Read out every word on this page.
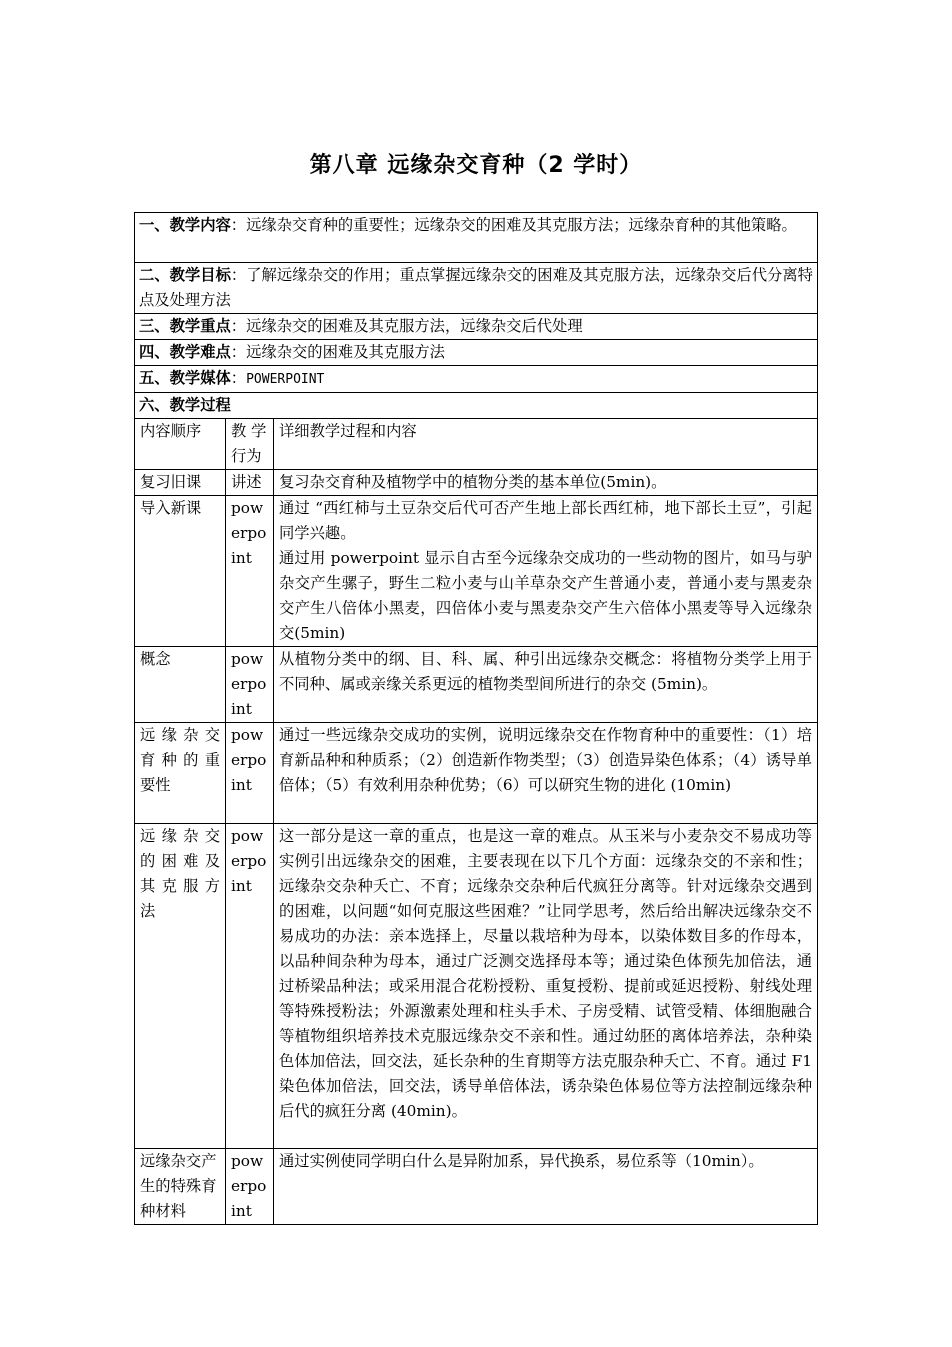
第八章 远缘杂交育种（2 学时）
一、教学内容：远缘杂交育种的重要性；远缘杂交的困难及其克服方法；远缘杂育种的其他策略。		
二、教学目标：了解远缘杂交的作用；重点掌握远缘杂交的困难及其克服方法，远缘杂交后代分离特点及处理方法		
三、教学重点：远缘杂交的困难及其克服方法，远缘杂交后代处理		
四、教学难点：远缘杂交的困难及其克服方法		
五、教学媒体：POWERPOINT		
六、教学过程		
内容顺序	教 学 行为	详细教学过程和内容
复习旧课	讲述	复习杂交育种及植物学中的植物分类的基本单位(5min)。
导入新课	powerpoint	通过 “西红柿与土豆杂交后代可否产生地上部长西红柿，地下部长土豆”，引起同学兴趣。
通过用 powerpoint 显示自古至今远缘杂交成功的一些动物的图片，如马与驴杂交产生骡子，野生二粒小麦与山羊草杂交产生普通小麦，普通小麦与黑麦杂交产生八倍体小黑麦，四倍体小麦与黑麦杂交产生六倍体小黑麦等导入远缘杂交(5min)

概念	powerpoint	从植物分类中的纲、目、科、属、种引出远缘杂交概念：将植物分类学上用于不同种、属或亲缘关系更远的植物类型间所进行的杂交 (5min)。
远 缘 杂 交 育 种 的 重 要性	powerpoint	通过一些远缘杂交成功的实例，说明远缘杂交在作物育种中的重要性：（1）培育新品种和种质系；（2）创造新作物类型；（3）创造异染色体系；（4）诱导单倍体；（5）有效利用杂种优势；（6）可以研究生物的进化 (10min)
远 缘 杂 交 的 困 难 及 其 克 服 方 法	powerpoint	这一部分是这一章的重点，也是这一章的难点。从玉米与小麦杂交不易成功等实例引出远缘杂交的困难，主要表现在以下几个方面：远缘杂交的不亲和性；远缘杂交杂种夭亡、不育；远缘杂交杂种后代疯狂分离等。针对远缘杂交遇到的困难，以问题“如何克服这些困难？”让同学思考，然后给出解决远缘杂交不易成功的办法：亲本选择上，尽量以栽培种为母本，以染体数目多的作母本，以品种间杂种为母本，通过广泛测交选择母本等；通过染色体预先加倍法，通过桥梁品种法；或采用混合花粉授粉、重复授粉、提前或延迟授粉、射线处理等特殊授粉法；外源激素处理和柱头手术、子房受精、试管受精、体细胞融合等植物组织培养技术克服远缘杂交不亲和性。通过幼胚的离体培养法，杂种染色体加倍法，回交法，延长杂种的生育期等方法克服杂种夭亡、不育。通过 F1 染色体加倍法，回交法，诱导单倍体法，诱杂染色体易位等方法控制远缘杂种后代的疯狂分离 (40min)。
远缘杂交产生的特殊育种材料	powerpoint	通过实例使同学明白什么是异附加系，异代换系，易位系等（10min）。
